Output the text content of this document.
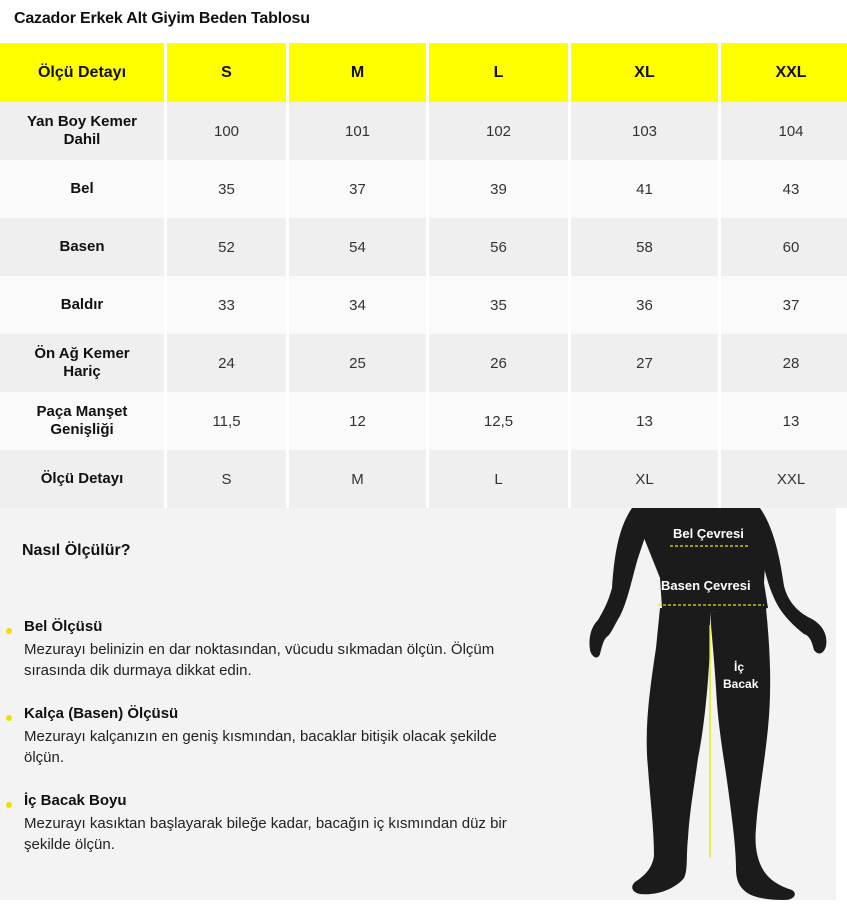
Cazador Erkek Alt Giyim Beden Tablosu
Ölçü Detayı	S	M	L	XL	XXL
Yan Boy Kemer Dahil	100	101	102	103	104
Bel	35	37	39	41	43
Basen	52	54	56	58	60
Baldır	33	34	35	36	37
Ön Ağ Kemer Hariç	24	25	26	27	28
Paça Manşet Genişliği	11,5	12	12,5	13	13
Ölçü Detayı	S	M	L	XL	XXL
Nasıl Ölçülür?
Bel Ölçüsü
Mezurayı belinizin en dar noktasından, vücudu sıkmadan ölçün. Ölçüm sırasında dik durmaya dikkat edin.
Kalça (Basen) Ölçüsü
Mezurayı kalçanızın en geniş kısmından, bacaklar bitişik olacak şekilde ölçün.
İç Bacak Boyu
Mezurayı kasıktan başlayarak bileğe kadar, bacağın iç kısmından düz bir şekilde ölçün.
Bel Çevresi
Basen Çevresi
İç
Bacak
